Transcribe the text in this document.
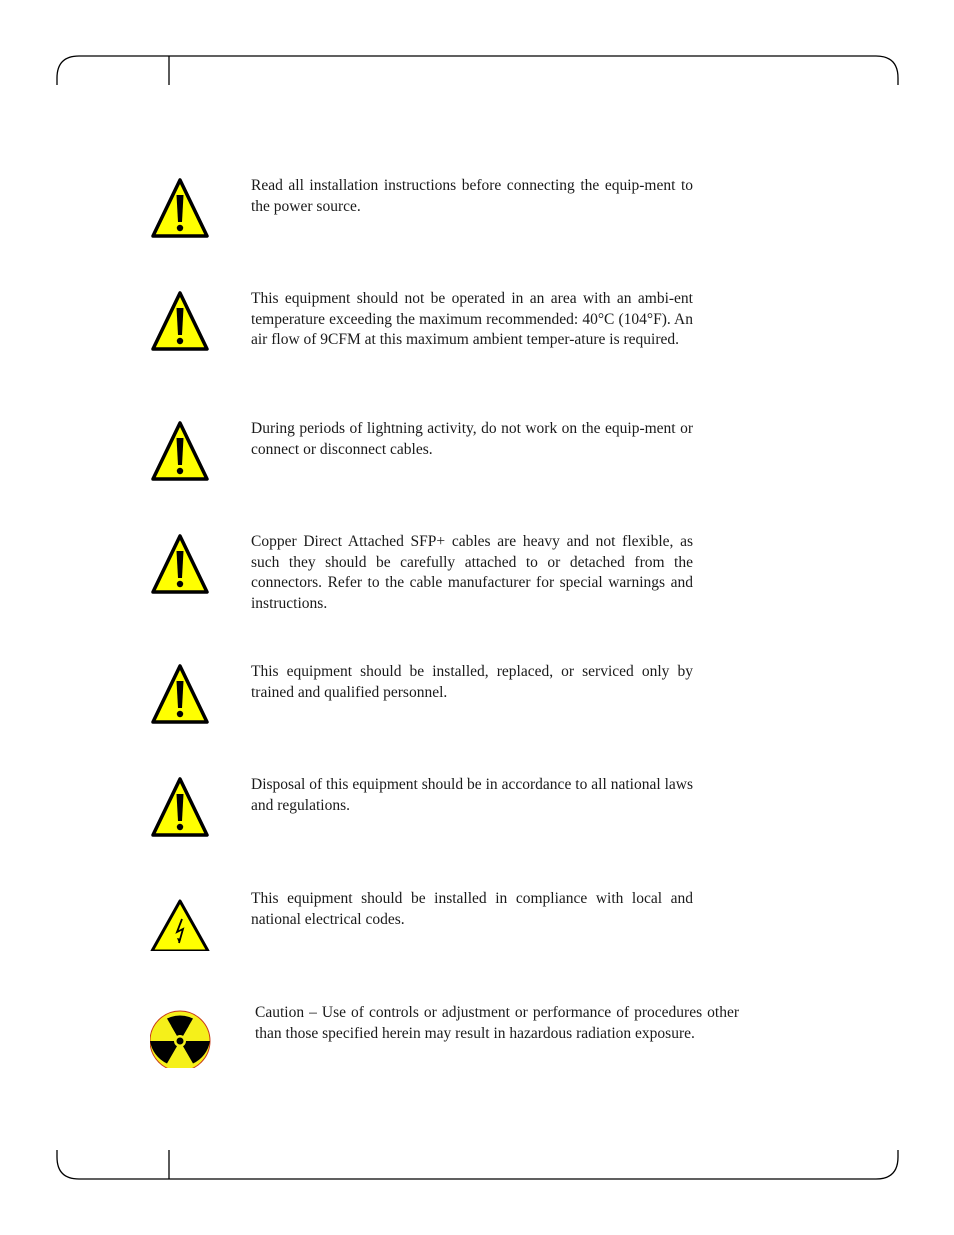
Read all installation instructions before connecting the equip-ment to the power source.
This equipment should not be operated in an area with an ambi-ent temperature exceeding the maximum recommended: 40°C (104°F). An air flow of 9CFM at this maximum ambient temper-ature is required.
During periods of lightning activity, do not work on the equip-ment or connect or disconnect cables.
Copper Direct Attached SFP+ cables are heavy and not flexible, as such they should be carefully attached to or detached from the connectors. Refer to the cable manufacturer for special warnings and instructions.
This equipment should be installed, replaced, or serviced only by trained and qualified personnel.
Disposal of this equipment should be in accordance to all national laws and regulations.
This equipment should be installed in compliance with local and national electrical codes.
Caution – Use of controls or adjustment or performance of procedures other than those specified herein may result in hazardous radiation exposure.
